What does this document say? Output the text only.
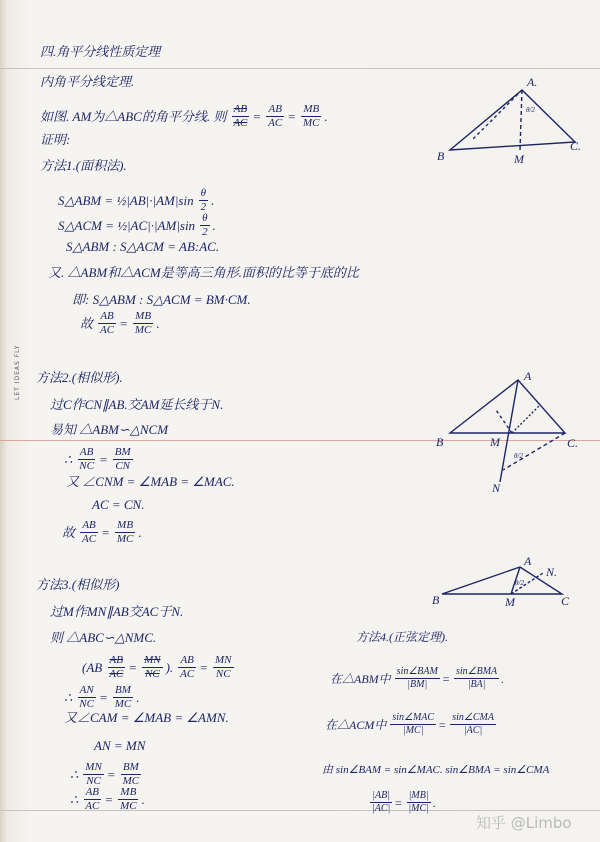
LET IDEAS FLY
四.角平分线性质定理
内角平分线定理.
如图. AM为△ABC的角平分线. 则 $\frac{AB}{AC} = \frac{AB}{AC} = \frac{MB}{MC}$ .
证明:
方法1.(面积法).
S△ABM = ½|AB|·|AM|sin $\frac{\theta}{2}$ .
S△ACM = ½|AC|·|AM|sin $\frac{\theta}{2}$ .
S△ABM : S△ACM = AB:AC.
又. △ABM和△ACM是等高三角形.面积的比等于底的比
即: S△ABM : S△ACM = BM·CM.
故 $\frac{AB}{AC} = \frac{MB}{MC}$ .
方法2.(相似形).
过C作CN∥AB.交AM延长线于N.
易知 △ABM∽△NCM
∴ $\frac{AB}{NC} = \frac{BM}{CN}$
又 ∠CNM = ∠MAB = ∠MAC.
AC = CN.
故 $\frac{AB}{AC} = \frac{MB}{MC}$ .
方法3.(相似形)
过M作MN∥AB交AC于N.
则 △ABC∽△NMC.
($AB \frac{AB}{AC} = \frac{MN}{NC}$ ). $\frac{AB}{AC} = \frac{MN}{NC}$
∴ $\frac{AN}{NC} = \frac{BM}{MC}$ .
又∠CAM = ∠MAB = ∠AMN.
AN = MN
∴ $\frac{MN}{NC} = \frac{BM}{MC}$
∴ $\frac{AB}{AC} = \frac{MB}{MC}$ .
方法4.(正弦定理).
在△ABM中 $\frac{\text{sin∠BAM}}{|BM|} = \frac{\text{sin∠BMA}}{|BA|}$ .
在△ACM中 $\frac{\text{sin∠MAC}}{|MC|} = \frac{\text{sin∠CMA}}{|AC|}$
由 sin∠BAM = sin∠MAC. sin∠BMA = sin∠CMA
$\frac{|AB|}{|AC|} = \frac{|MB|}{|MC|}$ .
A.
B
C.
M
θ/2
A
B	C.
M
N
θ/2
A
B	C
M
N.
θ/2
知乎 @Limbo
